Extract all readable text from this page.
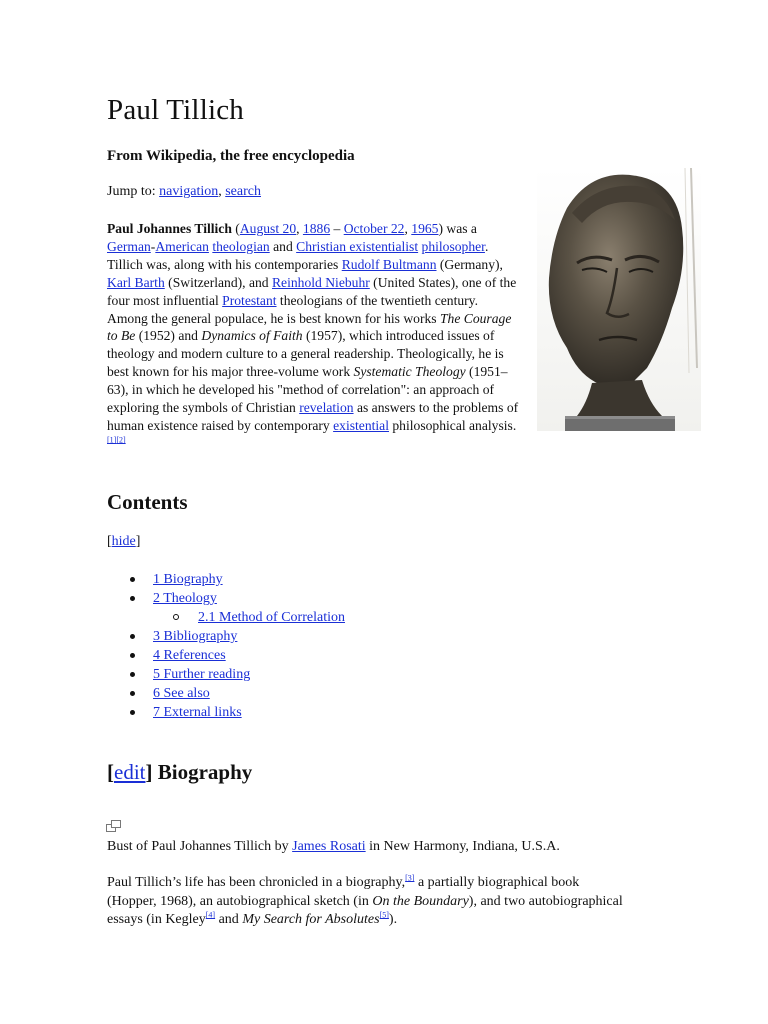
Paul Tillich
From Wikipedia, the free encyclopedia
Jump to: navigation, search

Paul Johannes Tillich (August 20, 1886 – October 22, 1965) was a German-American theologian and Christian existentialist philosopher. Tillich was, along with his contemporaries Rudolf Bultmann (Germany), Karl Barth (Switzerland), and Reinhold Niebuhr (United States), one of the four most influential Protestant theologians of the twentieth century. Among the general populace, he is best known for his works The Courage to Be (1952) and Dynamics of Faith (1957), which introduced issues of theology and modern culture to a general readership. Theologically, he is best known for his major three-volume work Systematic Theology (1951–63), in which he developed his "method of correlation": an approach of exploring the symbols of Christian revelation as answers to the problems of human existence raised by contemporary existential philosophical analysis.[1][2]

Contents
[hide]
1 Biography
2 Theology
2.1 Method of Correlation
3 Bibliography
4 References
5 Further reading
6 See also
7 External links
[edit] Biography
Bust of Paul Johannes Tillich by James Rosati in New Harmony, Indiana, U.S.A.

Paul Tillich’s life has been chronicled in a biography,[3] a partially biographical book (Hopper, 1968), an autobiographical sketch (in On the Boundary), and two autobiographical essays (in Kegley[4] and My Search for Absolutes[5]).
